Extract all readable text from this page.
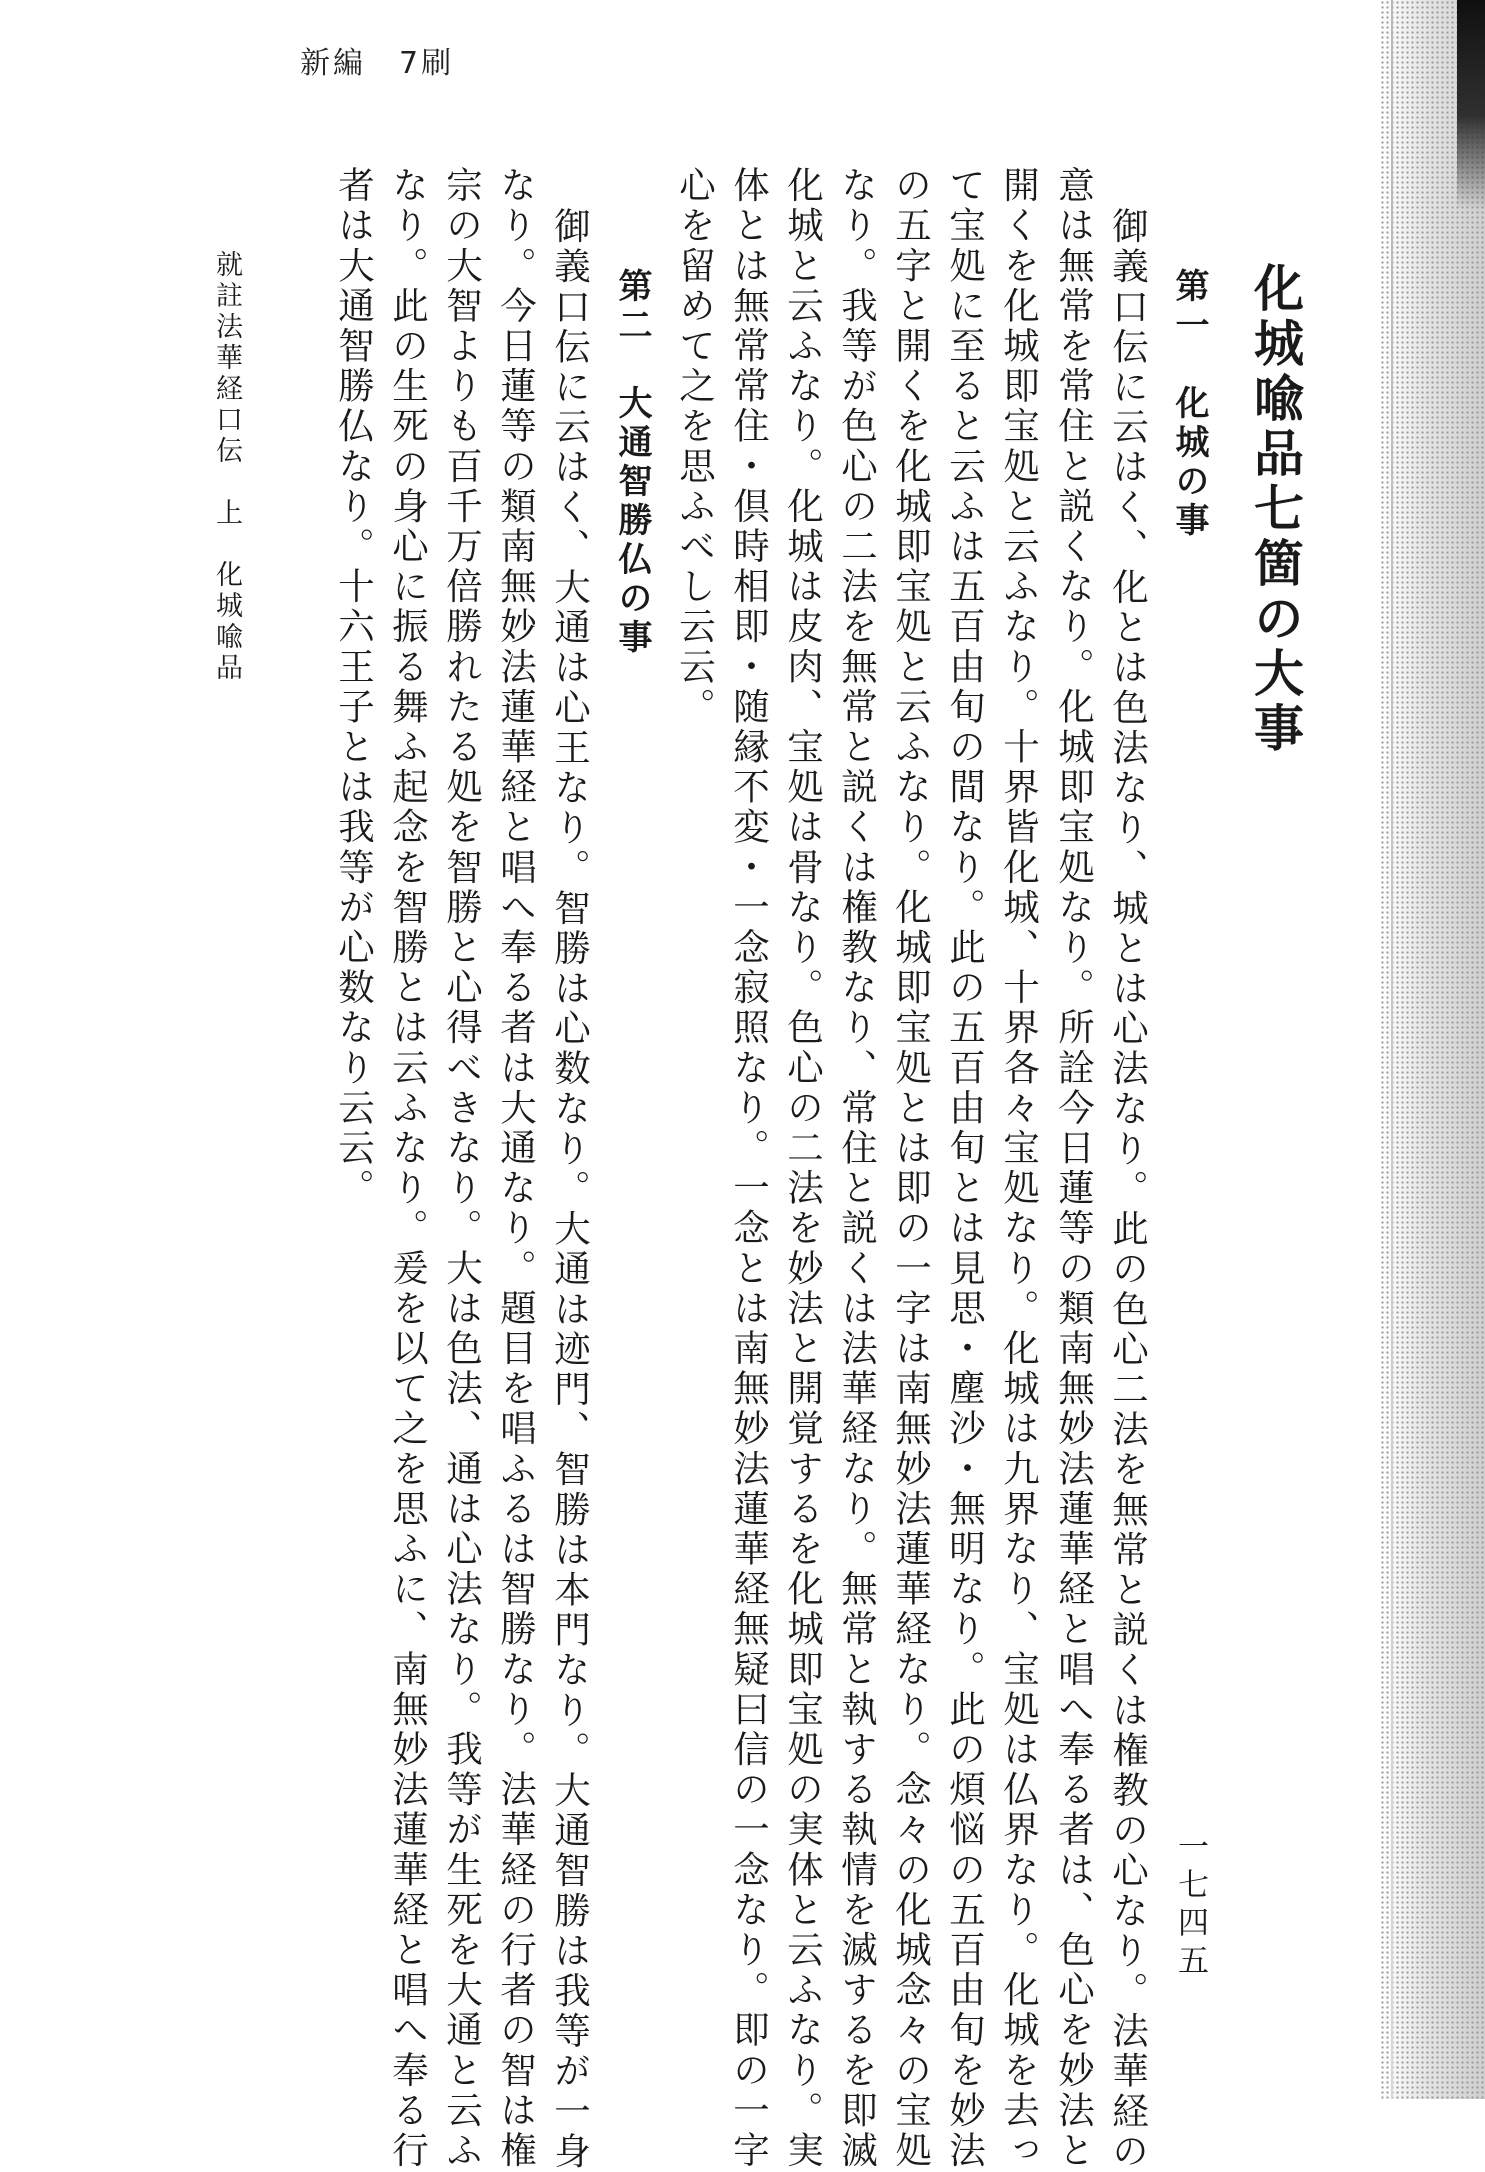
新編　7刷
化城喩品七箇の大事
第一　化城の事
御義口伝に云はく、化とは色法なり、城とは心法なり。此の色心二法を無常と説くは権教の心なり。法華経の
意は無常を常住と説くなり。化城即宝処なり。所詮今日蓮等の類南無妙法蓮華経と唱へ奉る者は、色心を妙法と
開くを化城即宝処と云ふなり。十界皆化城、十界各々宝処なり。化城は九界なり、宝処は仏界なり。化城を去っ
て宝処に至ると云ふは五百由旬の間なり。此の五百由旬とは見思・塵沙・無明なり。此の煩悩の五百由旬を妙法
の五字と開くを化城即宝処と云ふなり。化城即宝処とは即の一字は南無妙法蓮華経なり。念々の化城念々の宝処
なり。我等が色心の二法を無常と説くは権教なり、常住と説くは法華経なり。無常と執する執情を滅するを即滅
化城と云ふなり。化城は皮肉、宝処は骨なり。色心の二法を妙法と開覚するを化城即宝処の実体と云ふなり。実
体とは無常常住・倶時相即・随縁不変・一念寂照なり。一念とは南無妙法蓮華経無疑曰信の一念なり。即の一字
心を留めて之を思ふべし云云。
第二　大通智勝仏の事
御義口伝に云はく、大通は心王なり。智勝は心数なり。大通は迹門、智勝は本門なり。大通智勝は我等が一身
なり。今日蓮等の類南無妙法蓮華経と唱へ奉る者は大通なり。題目を唱ふるは智勝なり。法華経の行者の智は権
宗の大智よりも百千万倍勝れたる処を智勝と心得べきなり。大は色法、通は心法なり。我等が生死を大通と云ふ
なり。此の生死の身心に振る舞ふ起念を智勝とは云ふなり。爰を以て之を思ふに、南無妙法蓮華経と唱へ奉る行
者は大通智勝仏なり。十六王子とは我等が心数なり云云。
就註法華経口伝　上　化城喩品
一七四五
